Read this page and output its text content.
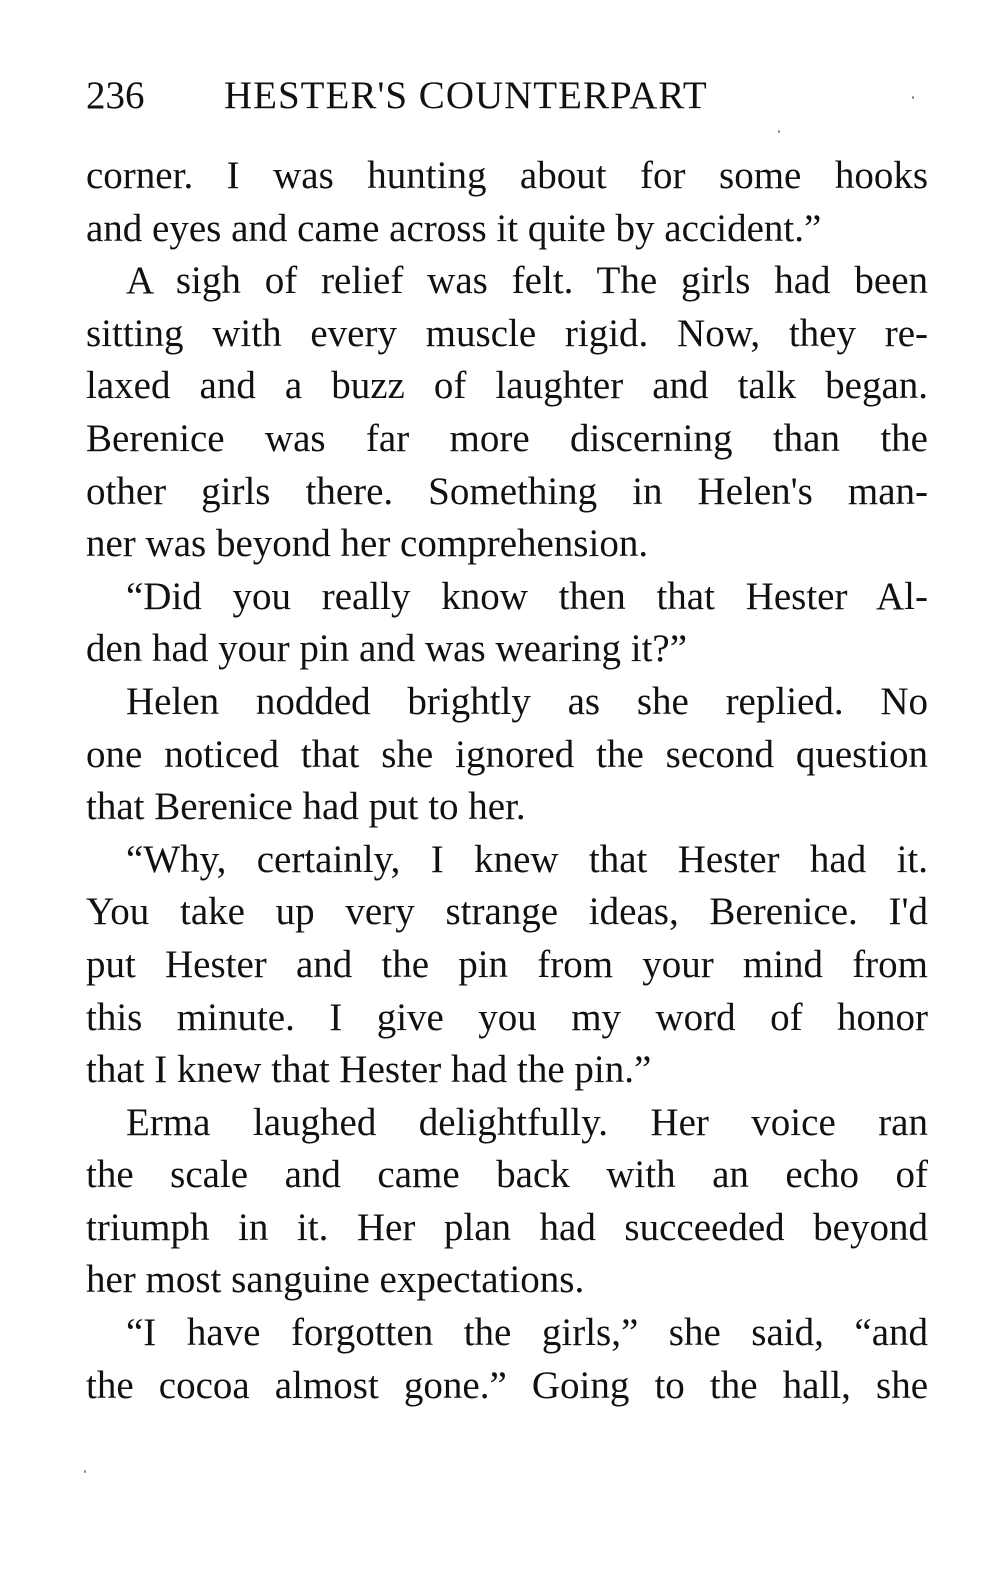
236 HESTER'S COUNTERPART
corner. I was hunting about for some hooks
and eyes and came across it quite by accident.”
A sigh of relief was felt. The girls had been
sitting with every muscle rigid. Now, they re-
laxed and a buzz of laughter and talk began.
Berenice was far more discerning than the
other girls there. Something in Helen's man-
ner was beyond her comprehension.
“Did you really know then that Hester Al-
den had your pin and was wearing it?”
Helen nodded brightly as she replied. No
one noticed that she ignored the second question
that Berenice had put to her.
“Why, certainly, I knew that Hester had it.
You take up very strange ideas, Berenice. I'd
put Hester and the pin from your mind from
this minute. I give you my word of honor
that I knew that Hester had the pin.”
Erma laughed delightfully. Her voice ran
the scale and came back with an echo of
triumph in it. Her plan had succeeded beyond
her most sanguine expectations.
“I have forgotten the girls,” she said, “and
the cocoa almost gone.” Going to the hall, she
